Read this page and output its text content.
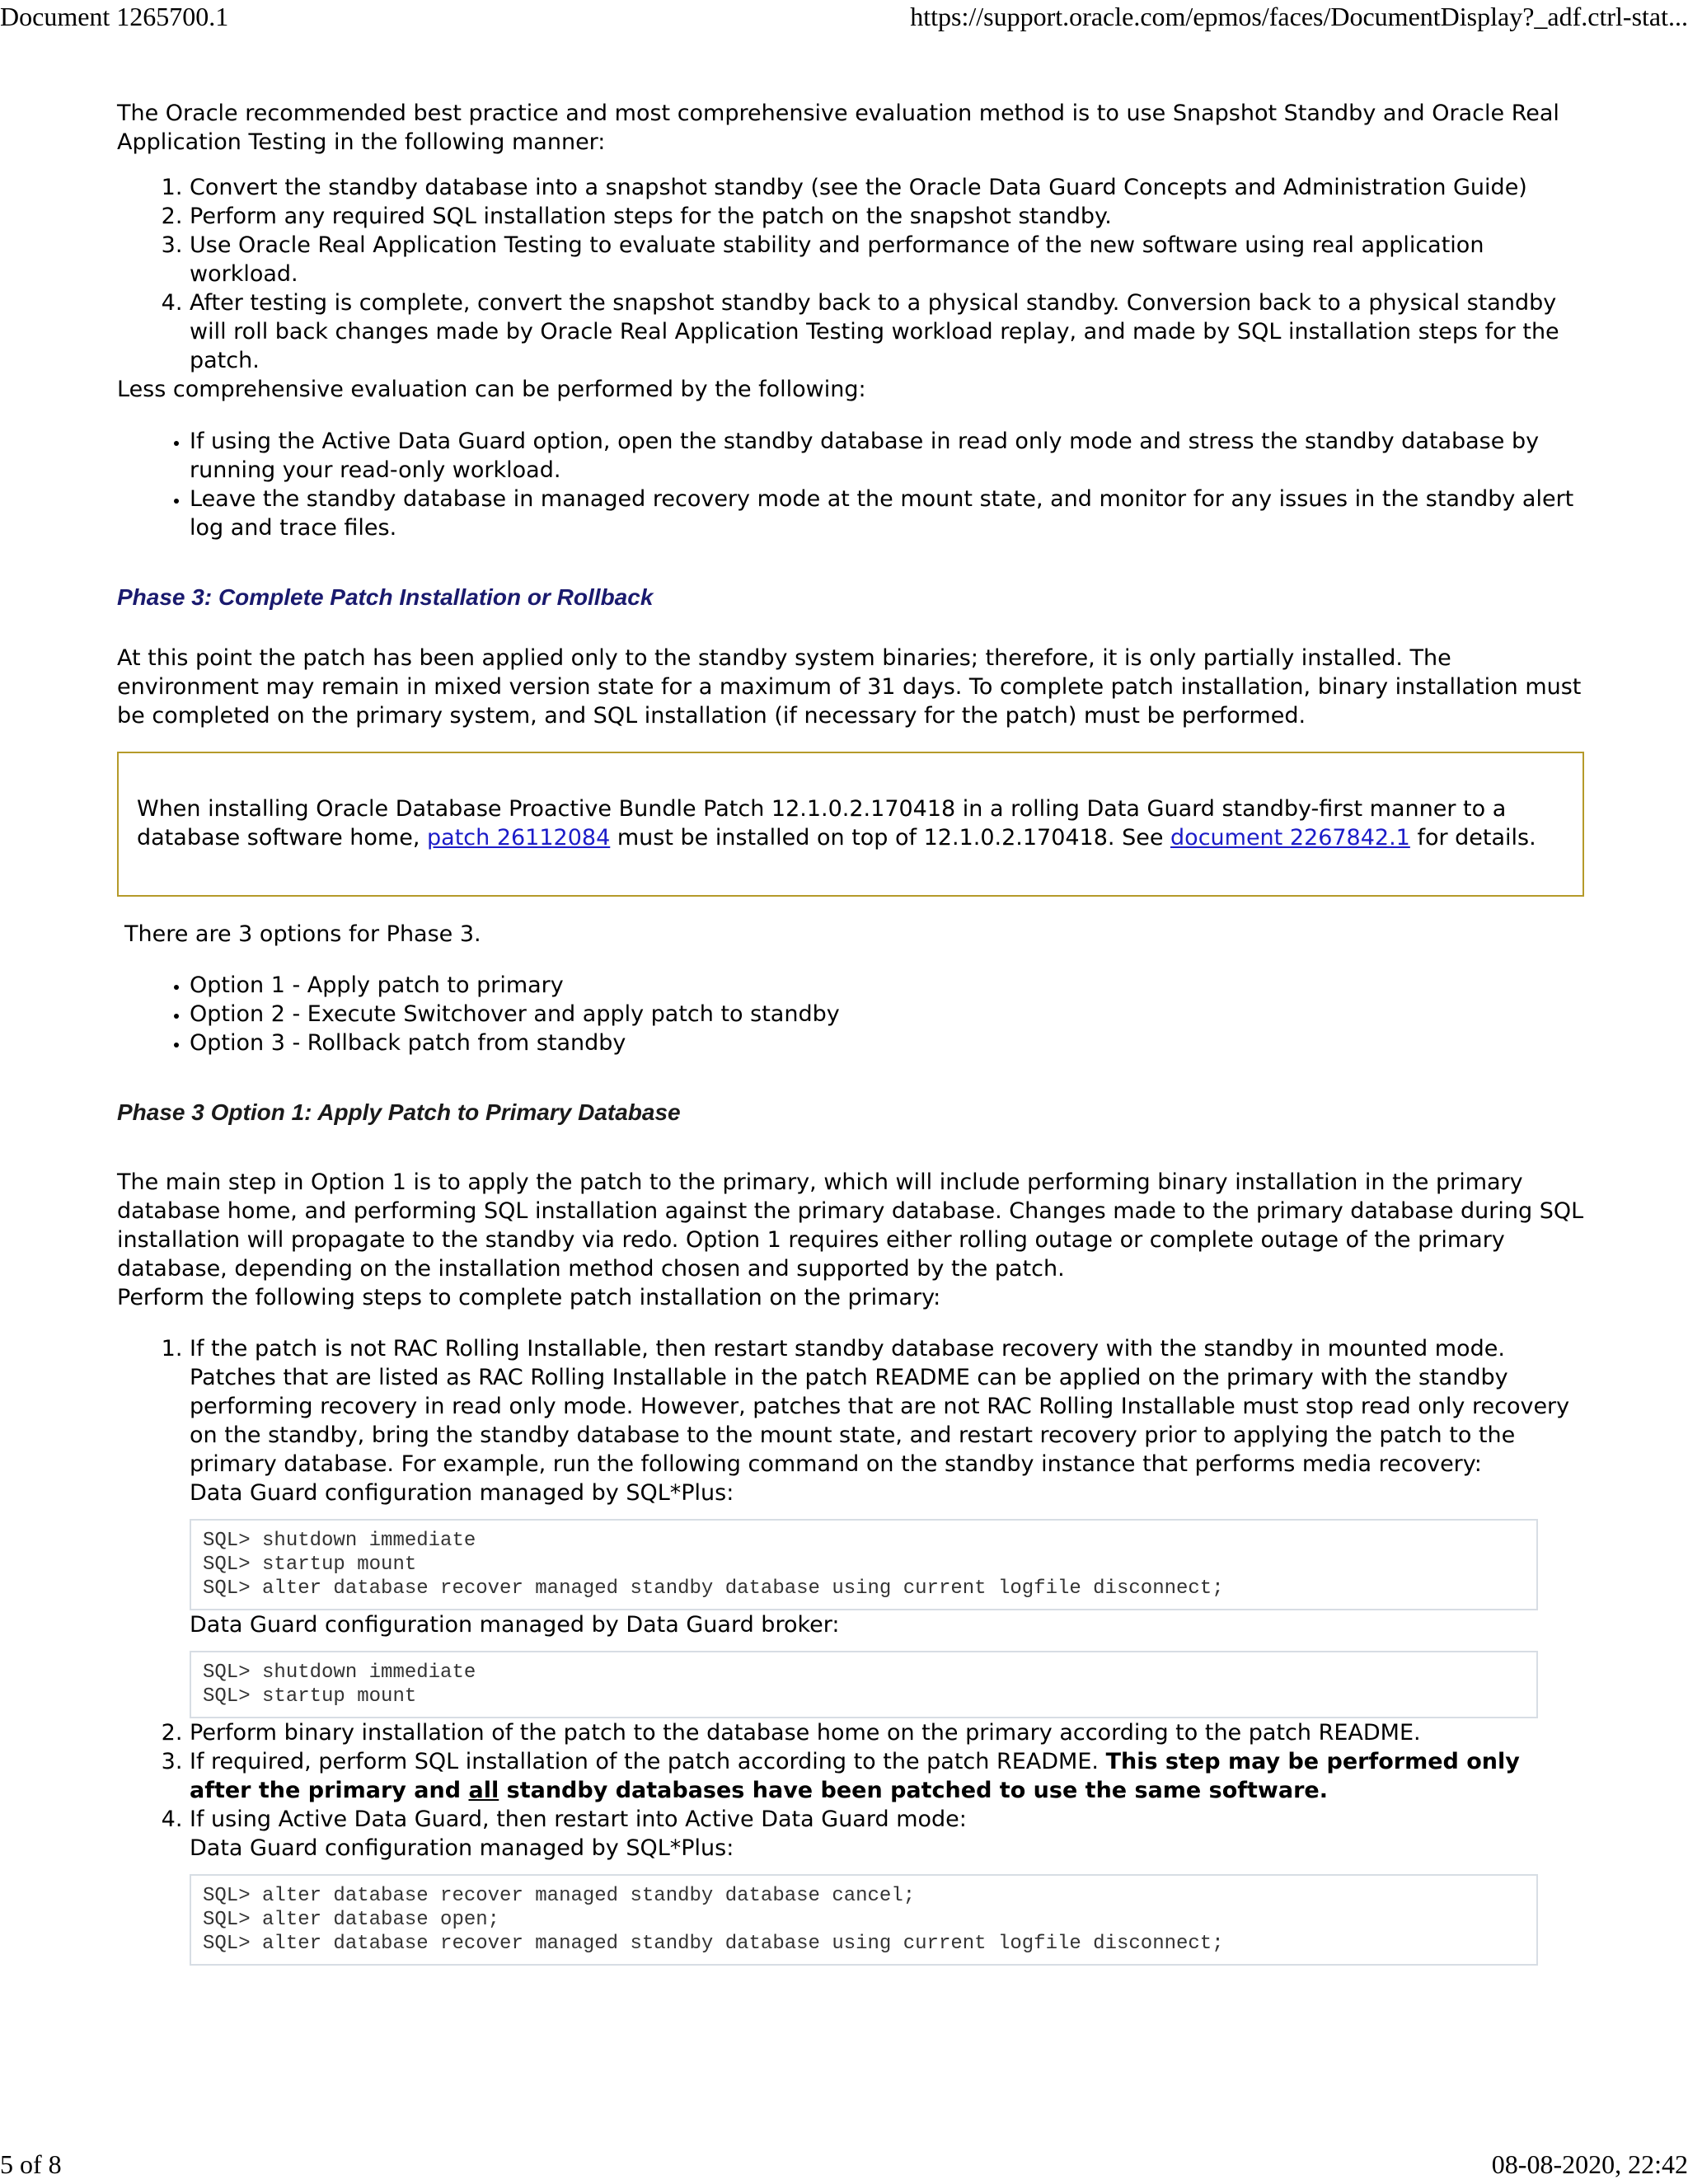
Document 1265700.1	https://support.oracle.com/epmos/faces/DocumentDisplay?_adf.ctrl-stat...

The Oracle recommended best practice and most comprehensive evaluation method is to use Snapshot Standby and Oracle Real Application Testing in the following manner:

1. Convert the standby database into a snapshot standby (see the Oracle Data Guard Concepts and Administration Guide)
2. Perform any required SQL installation steps for the patch on the snapshot standby.
3. Use Oracle Real Application Testing to evaluate stability and performance of the new software using real application workload.
4. After testing is complete, convert the snapshot standby back to a physical standby. Conversion back to a physical standby will roll back changes made by Oracle Real Application Testing workload replay, and made by SQL installation steps for the patch.

Less comprehensive evaluation can be performed by the following:

• If using the Active Data Guard option, open the standby database in read only mode and stress the standby database by running your read-only workload.
• Leave the standby database in managed recovery mode at the mount state, and monitor for any issues in the standby alert log and trace files.

Phase 3: Complete Patch Installation or Rollback

At this point the patch has been applied only to the standby system binaries; therefore, it is only partially installed. The environment may remain in mixed version state for a maximum of 31 days. To complete patch installation, binary installation must be completed on the primary system, and SQL installation (if necessary for the patch) must be performed.

When installing Oracle Database Proactive Bundle Patch 12.1.0.2.170418 in a rolling Data Guard standby-first manner to a database software home, patch 26112084 must be installed on top of 12.1.0.2.170418. See document 2267842.1 for details.

There are 3 options for Phase 3.

• Option 1 - Apply patch to primary
• Option 2 - Execute Switchover and apply patch to standby
• Option 3 - Rollback patch from standby

Phase 3 Option 1: Apply Patch to Primary Database

The main step in Option 1 is to apply the patch to the primary, which will include performing binary installation in the primary database home, and performing SQL installation against the primary database. Changes made to the primary database during SQL installation will propagate to the standby via redo. Option 1 requires either rolling outage or complete outage of the primary database, depending on the installation method chosen and supported by the patch.

Perform the following steps to complete patch installation on the primary:

1. If the patch is not RAC Rolling Installable, then restart standby database recovery with the standby in mounted mode. Patches that are listed as RAC Rolling Installable in the patch README can be applied on the primary with the standby performing recovery in read only mode. However, patches that are not RAC Rolling Installable must stop read only recovery on the standby, bring the standby database to the mount state, and restart recovery prior to applying the patch to the primary database. For example, run the following command on the standby instance that performs media recovery:

Data Guard configuration managed by SQL*Plus:

SQL> shutdown immediate
SQL> startup mount
SQL> alter database recover managed standby database using current logfile disconnect;

Data Guard configuration managed by Data Guard broker:

SQL> shutdown immediate
SQL> startup mount
2. Perform binary installation of the patch to the database home on the primary according to the patch README.
3. If required, perform SQL installation of the patch according to the patch README. This step may be performed only after the primary and all standby databases have been patched to use the same software.
4. If using Active Data Guard, then restart into Active Data Guard mode:

Data Guard configuration managed by SQL*Plus:

SQL> alter database recover managed standby database cancel;
SQL> alter database open;
SQL> alter database recover managed standby database using current logfile disconnect;
5 of 8	08-08-2020, 22:42
